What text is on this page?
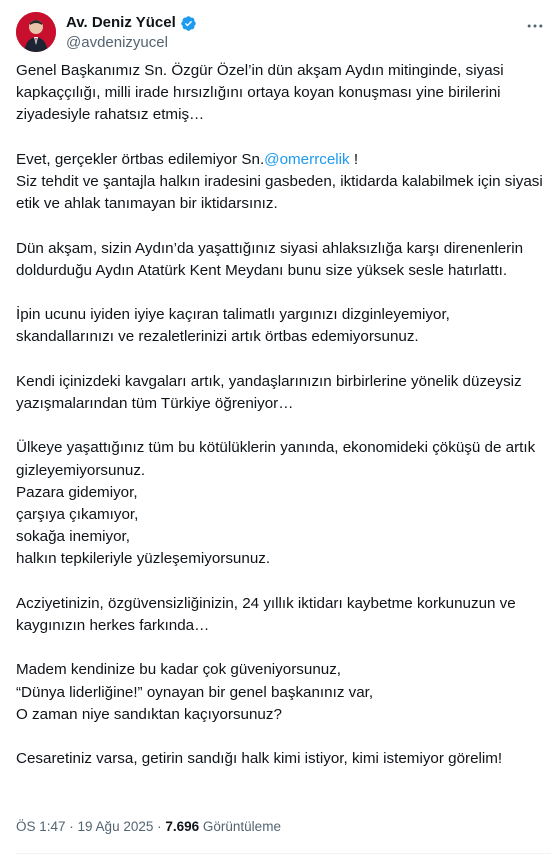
Av. Deniz Yücel
@avdenizyucel

Genel Başkanımız Sn. Özgür Özel’in dün akşam Aydın mitinginde, siyasi kapkaççılığı, milli irade hırsızlığını ortaya koyan konuşması yine birilerini ziyadesiyle rahatsız etmiş…

Evet, gerçekler örtbas edilemiyor Sn.@omerrcelik !
Siz tehdit ve şantajla halkın iradesini gasbeden, iktidarda kalabilmek için siyasi etik ve ahlak tanımayan bir iktidarsınız.

Dün akşam, sizin Aydın’da yaşattığınız siyasi ahlaksızlığa karşı direnenlerin doldurduğu Aydın Atatürk Kent Meydanı bunu size yüksek sesle hatırlattı.

İpin ucunu iyiden iyiye kaçıran talimatlı yargınızı dizginleyemiyor, skandallarınızı ve rezaletlerinizi artık örtbas edemiyorsunuz.

Kendi içinizdeki kavgaları artık, yandaşlarınızın birbirlerine yönelik düzeysiz yazışmalarından tüm Türkiye öğreniyor…

Ülkeye yaşattığınız tüm bu kötülüklerin yanında, ekonomideki çöküşü de artık gizleyemiyorsunuz.
Pazara gidemiyor,
çarşıya çıkamıyor,
sokağa inemiyor,
halkın tepkileriyle yüzleşemiyorsunuz.

Acziyetinizin, özgüvensizliğinizin, 24 yıllık iktidarı kaybetme korkunuzun ve kaygınızın herkes farkında…

Madem kendinize bu kadar çok güveniyorsunuz,
“Dünya liderliğine!” oynayan bir genel başkanınız var,
O zaman niye sandıktan kaçıyorsunuz?

Cesaretiniz varsa, getirin sandığı halk kimi istiyor, kimi istemiyor görelim!

ÖS 1:47 · 19 Ağu 2025 · 7.696 Görüntüleme
